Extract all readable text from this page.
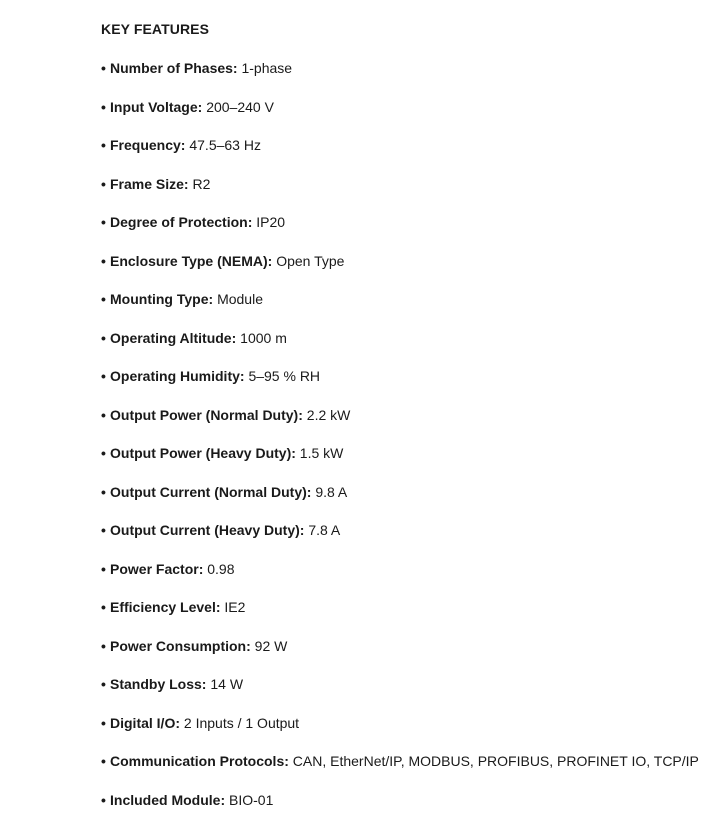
KEY FEATURES
• Number of Phases: 1-phase
• Input Voltage: 200–240 V
• Frequency: 47.5–63 Hz
• Frame Size: R2
• Degree of Protection: IP20
• Enclosure Type (NEMA): Open Type
• Mounting Type: Module
• Operating Altitude: 1000 m
• Operating Humidity: 5–95 % RH
• Output Power (Normal Duty): 2.2 kW
• Output Power (Heavy Duty): 1.5 kW
• Output Current (Normal Duty): 9.8 A
• Output Current (Heavy Duty): 7.8 A
• Power Factor: 0.98
• Efficiency Level: IE2
• Power Consumption: 92 W
• Standby Loss: 14 W
• Digital I/O: 2 Inputs / 1 Output
• Communication Protocols: CAN, EtherNet/IP, MODBUS, PROFIBUS, PROFINET IO, TCP/IP
• Included Module: BIO-01
